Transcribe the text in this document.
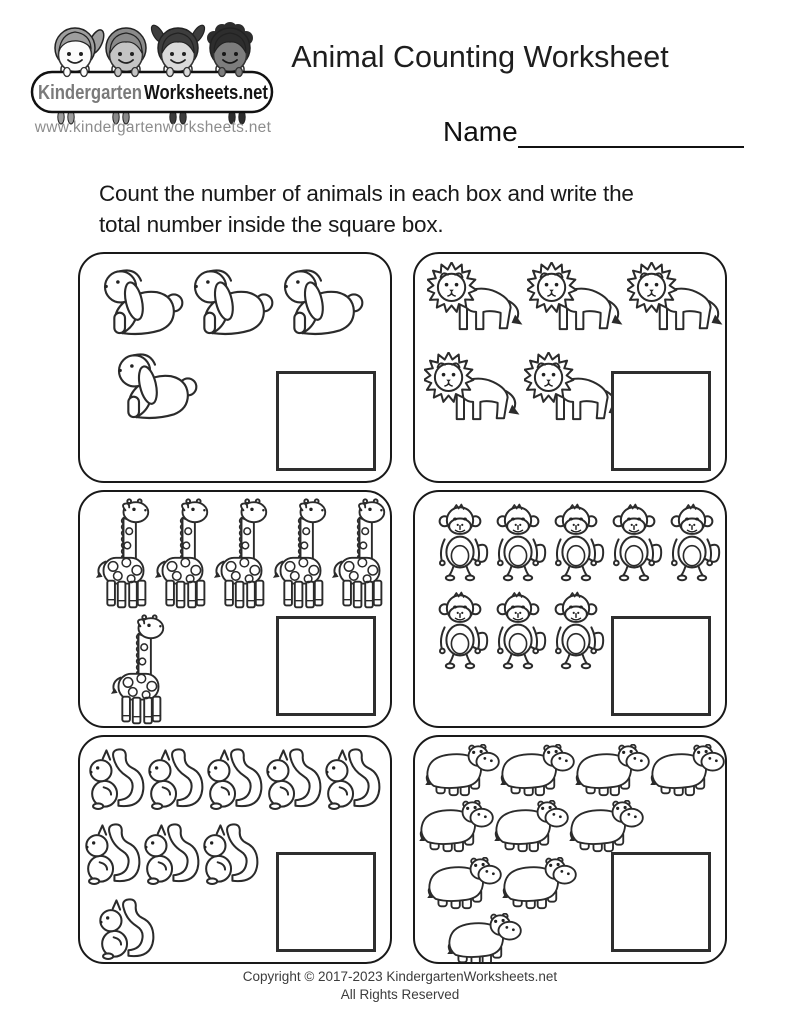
Kindergarten Worksheets.net
www.kindergartenworksheets.net
Animal Counting Worksheet
Name
Count the number of animals in each box and write the
total number inside the square box.
Copyright © 2017-2023 KindergartenWorksheets.net
All Rights Reserved
